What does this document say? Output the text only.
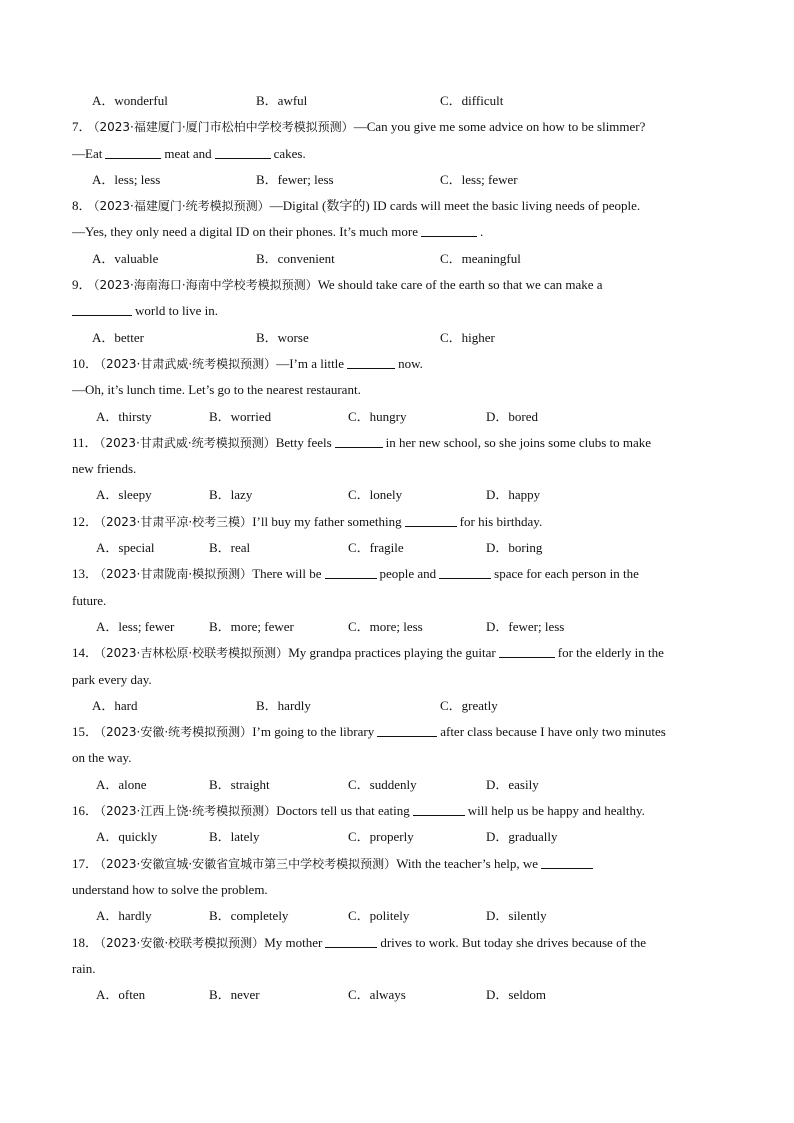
A．wonderful	B．awful	C．difficult
7． （2023·福建厦门·厦门市松柏中学校考模拟预测）—Can you give me some advice on how to be slimmer?
—Eat	meat and	cakes.
A．less; less	B．fewer; less	C．less; fewer
8． （2023·福建厦门·统考模拟预测）—Digital (数字的) ID cards will meet the basic living needs of people.
—Yes, they only need a digital ID on their phones. It’s much more	.
A．valuable	B．convenient	C．meaningful
9． （2023·海南海口·海南中学校考模拟预测）We should take care of the earth so that we can make a
world to live in.
A．better	B．worse	C．higher
10． （2023·甘肃武威·统考模拟预测）—I’m a little	now.
—Oh, it’s lunch time. Let’s go to the nearest restaurant.
A．thirsty	B．worried	C．hungry	D．bored
11． （2023·甘肃武威·统考模拟预测）Betty feels	in her new school, so she joins some clubs to make
new friends.
A．sleepy	B．lazy	C．lonely	D．happy
12． （2023·甘肃平凉·校考三模）I’ll buy my father something	for his birthday.
A．special	B．real	C．fragile	D．boring
13． （2023·甘肃陇南·模拟预测）There will be	people and	space for each person in the
future.
A．less; fewer	B．more; fewer	C．more; less	D．fewer; less
14． （2023·吉林松原·校联考模拟预测）My grandpa practices playing the guitar	for the elderly in the
park every day.
A．hard	B．hardly	C．greatly
15． （2023·安徽·统考模拟预测）I’m going to the library	after class because I have only two minutes
on the way.
A．alone	B．straight	C．suddenly	D．easily
16． （2023·江西上饶·统考模拟预测）Doctors tell us that eating	will help us be happy and healthy.
A．quickly	B．lately	C．properly	D．gradually
17． （2023·安徽宣城·安徽省宣城市第三中学校考模拟预测）With the teacher’s help, we
understand how to solve the problem.
A．hardly	B．completely	C．politely	D．silently
18． （2023·安徽·校联考模拟预测）My mother	drives to work. But today she drives because of the
rain.
A．often	B．never	C．always	D．seldom
